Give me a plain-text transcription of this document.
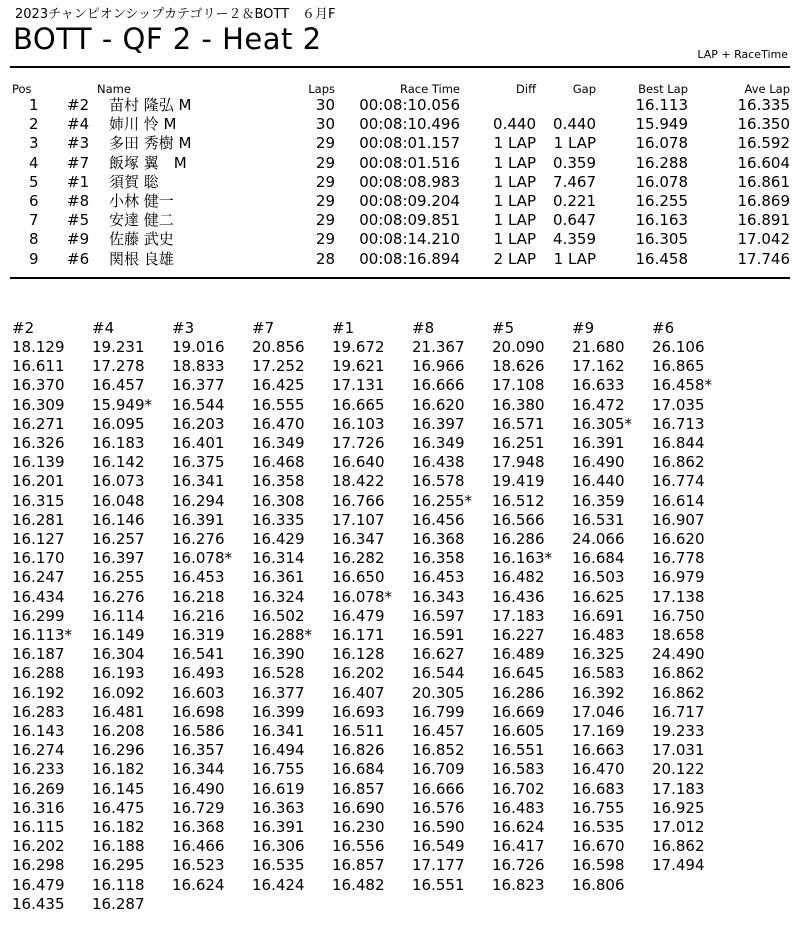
2023チャンピオンシップカテゴリー２＆BOTT　６月F
BOTT - QF 2 - Heat 2	LAP + RaceTime
Pos		Name	Laps	Race Time	Diff	Gap	Best Lap	Ave Lap
1	#2	苗村 隆弘 M	30	00:08:10.056			16.113	16.335
2	#4	姉川 怜 M	30	00:08:10.496	0.440	0.440	15.949	16.350
3	#3	多田 秀樹 M	29	00:08:01.157	1 LAP	1 LAP	16.078	16.592
4	#7	飯塚 翼　M	29	00:08:01.516	1 LAP	0.359	16.288	16.604
5	#1	須賀 聡	29	00:08:08.983	1 LAP	7.467	16.078	16.861
6	#8	小林 健一	29	00:08:09.204	1 LAP	0.221	16.255	16.869
7	#5	安達 健二	29	00:08:09.851	1 LAP	0.647	16.163	16.891
8	#9	佐藤 武史	29	00:08:14.210	1 LAP	4.359	16.305	17.042
9	#6	関根 良雄	28	00:08:16.894	2 LAP	1 LAP	16.458	17.746
#2	#4	#3	#7	#1	#8	#5	#9	#6
18.129	19.231	19.016	20.856	19.672	21.367	20.090	21.680	26.106
16.611	17.278	18.833	17.252	19.621	16.966	18.626	17.162	16.865
16.370	16.457	16.377	16.425	17.131	16.666	17.108	16.633	16.458*
16.309	15.949*	16.544	16.555	16.665	16.620	16.380	16.472	17.035
16.271	16.095	16.203	16.470	16.103	16.397	16.571	16.305*	16.713
16.326	16.183	16.401	16.349	17.726	16.349	16.251	16.391	16.844
16.139	16.142	16.375	16.468	16.640	16.438	17.948	16.490	16.862
16.201	16.073	16.341	16.358	18.422	16.578	19.419	16.440	16.774
16.315	16.048	16.294	16.308	16.766	16.255*	16.512	16.359	16.614
16.281	16.146	16.391	16.335	17.107	16.456	16.566	16.531	16.907
16.127	16.257	16.276	16.429	16.347	16.368	16.286	24.066	16.620
16.170	16.397	16.078*	16.314	16.282	16.358	16.163*	16.684	16.778
16.247	16.255	16.453	16.361	16.650	16.453	16.482	16.503	16.979
16.434	16.276	16.218	16.324	16.078*	16.343	16.436	16.625	17.138
16.299	16.114	16.216	16.502	16.479	16.597	17.183	16.691	16.750
16.113*	16.149	16.319	16.288*	16.171	16.591	16.227	16.483	18.658
16.187	16.304	16.541	16.390	16.128	16.627	16.489	16.325	24.490
16.288	16.193	16.493	16.528	16.202	16.544	16.645	16.583	16.862
16.192	16.092	16.603	16.377	16.407	20.305	16.286	16.392	16.862
16.283	16.481	16.698	16.399	16.693	16.799	16.669	17.046	16.717
16.143	16.208	16.586	16.341	16.511	16.457	16.605	17.169	19.233
16.274	16.296	16.357	16.494	16.826	16.852	16.551	16.663	17.031
16.233	16.182	16.344	16.755	16.684	16.709	16.583	16.470	20.122
16.269	16.145	16.490	16.619	16.857	16.666	16.702	16.683	17.183
16.316	16.475	16.729	16.363	16.690	16.576	16.483	16.755	16.925
16.115	16.182	16.368	16.391	16.230	16.590	16.624	16.535	17.012
16.202	16.188	16.466	16.306	16.556	16.549	16.417	16.670	16.862
16.298	16.295	16.523	16.535	16.857	17.177	16.726	16.598	17.494
16.479	16.118	16.624	16.424	16.482	16.551	16.823	16.806	
16.435	16.287							
